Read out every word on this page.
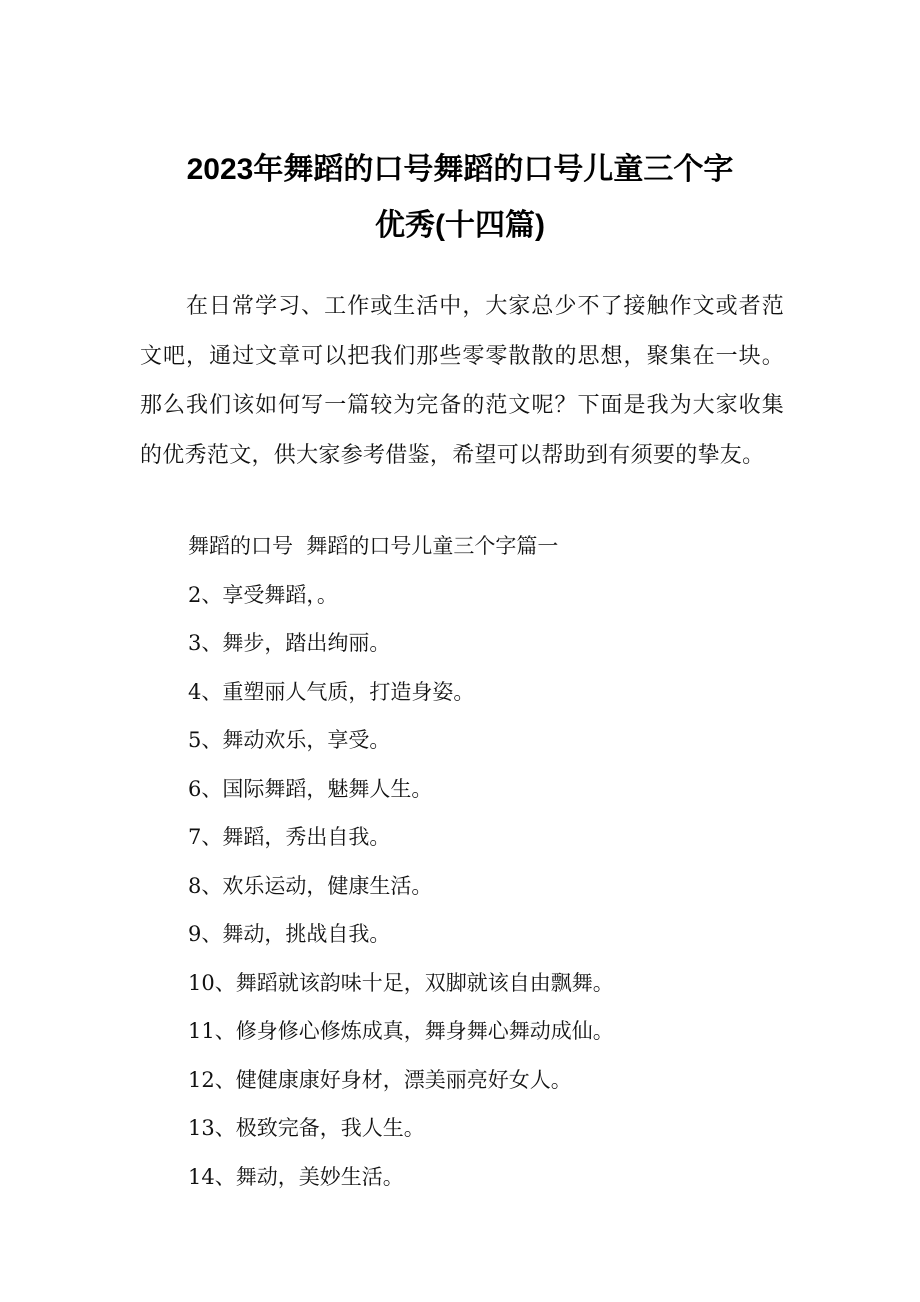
2023年舞蹈的口号舞蹈的口号儿童三个字
优秀(十四篇)

在日常学习、工作或生活中，大家总少不了接触作文或者范文吧，通过文章可以把我们那些零零散散的思想，聚集在一块。那么我们该如何写一篇较为完备的范文呢？下面是我为大家收集的优秀范文，供大家参考借鉴，希望可以帮助到有须要的挚友。

舞蹈的口号  舞蹈的口号儿童三个字篇一
2、享受舞蹈，。
3、舞步，踏出绚丽。
4、重塑丽人气质，打造身姿。
5、舞动欢乐，享受。
6、国际舞蹈，魅舞人生。
7、舞蹈，秀出自我。
8、欢乐运动，健康生活。
9、舞动，挑战自我。
10、舞蹈就该韵味十足，双脚就该自由飘舞。
11、修身修心修炼成真，舞身舞心舞动成仙。
12、健健康康好身材，漂美丽亮好女人。
13、极致完备，我人生。
14、舞动，美妙生活。
